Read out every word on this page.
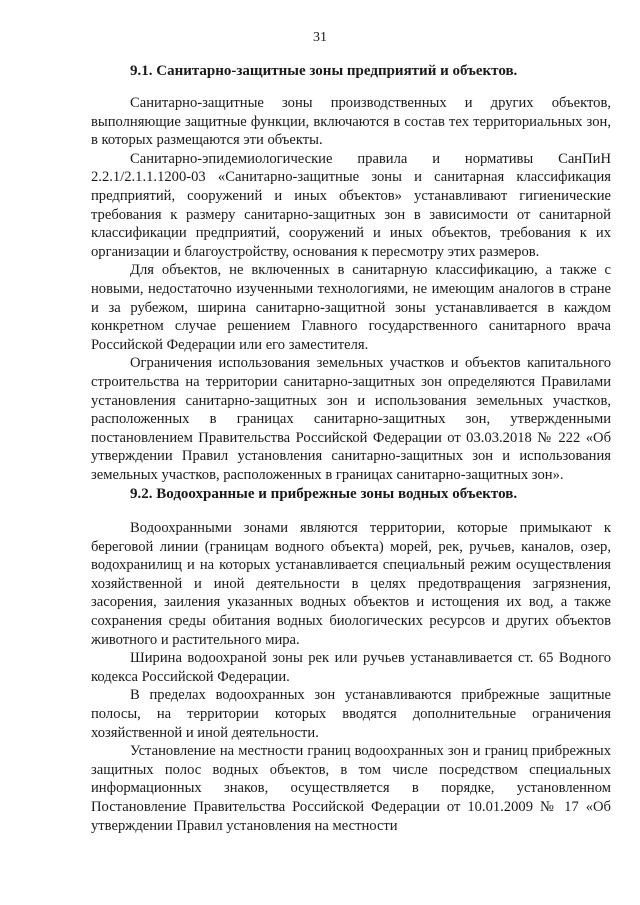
31
9.1. Санитарно-защитные зоны предприятий и объектов.

Санитарно-защитные зоны производственных и других объектов, выполняющие защитные функции, включаются в состав тех территориальных зон, в которых размещаются эти объекты.

Санитарно-эпидемиологические правила и нормативы СанПиН 2.2.1/2.1.1.1200-03 «Санитарно-защитные зоны и санитарная классификация предприятий, сооружений и иных объектов» устанавливают гигиенические требования к размеру санитарно-защитных зон в зависимости от санитарной классификации предприятий, сооружений и иных объектов, требования к их организации и благоустройству, основания к пересмотру этих размеров.

Для объектов, не включенных в санитарную классификацию, а также с новыми, недостаточно изученными технологиями, не имеющим аналогов в стране и за рубежом, ширина санитарно-защитной зоны устанавливается в каждом конкретном случае решением Главного государственного санитарного врача Российской Федерации или его заместителя.

Ограничения использования земельных участков и объектов капитального строительства на территории санитарно-защитных зон определяются Правилами установления санитарно-защитных зон и использования земельных участков, расположенных в границах санитарно-защитных зон, утвержденными постановлением Правительства Российской Федерации от 03.03.2018 № 222 «Об утверждении Правил установления санитарно-защитных зон и использования земельных участков, расположенных в границах санитарно-защитных зон».

9.2. Водоохранные и прибрежные зоны водных объектов.

Водоохранными зонами являются территории, которые примыкают к береговой линии (границам водного объекта) морей, рек, ручьев, каналов, озер, водохранилищ и на которых устанавливается специальный режим осуществления хозяйственной и иной деятельности в целях предотвращения загрязнения, засорения, заиления указанных водных объектов и истощения их вод, а также сохранения среды обитания водных биологических ресурсов и других объектов животного и растительного мира.

Ширина водоохраной зоны рек или ручьев устанавливается ст. 65 Водного кодекса Российской Федерации.

В пределах водоохранных зон устанавливаются прибрежные защитные полосы, на территории которых вводятся дополнительные ограничения хозяйственной и иной деятельности.

Установление на местности границ водоохранных зон и границ прибрежных защитных полос водных объектов, в том числе посредством специальных информационных знаков, осуществляется в порядке, установленном Постановление Правительства Российской Федерации от 10.01.2009 № 17 «Об утверждении Правил установления на местности
